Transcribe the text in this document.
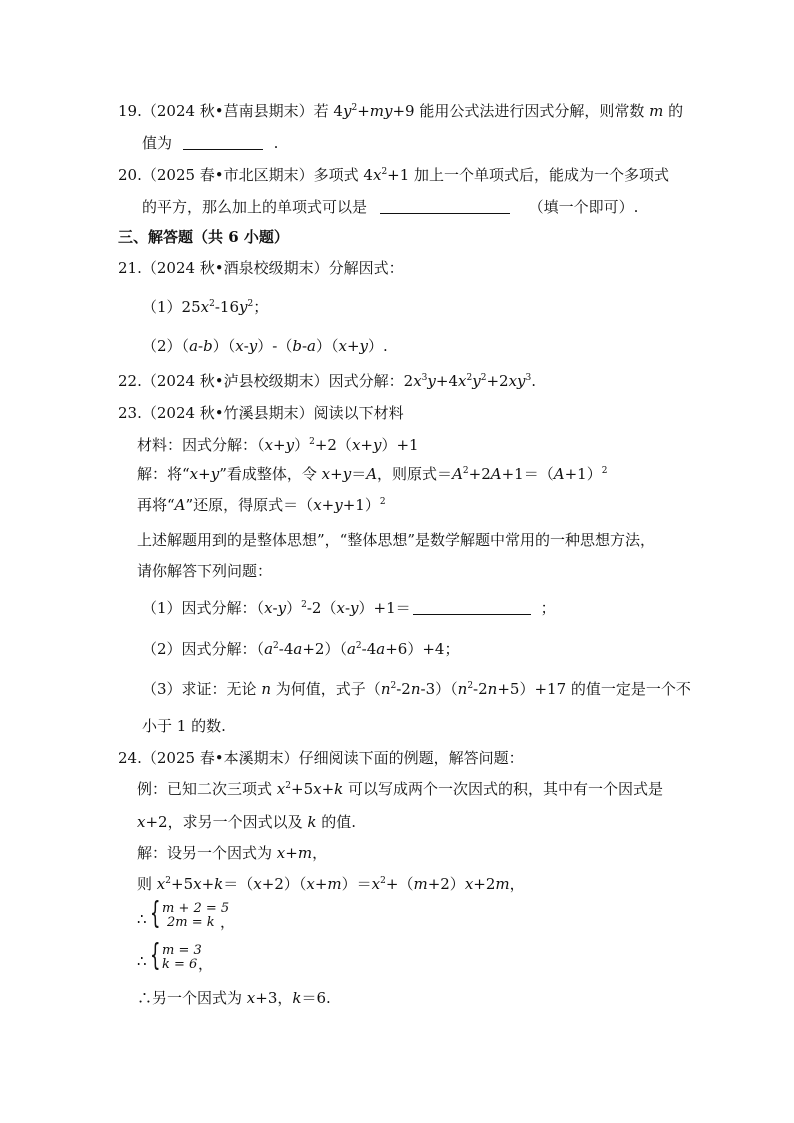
19.（2024 秋•莒南县期末）若 $4y^2+my+9$ 能用公式法进行因式分解，则常数 m 的
值为	.
20.（2025 春•市北区期末）多项式 $4x^2+1$ 加上一个单项式后，能成为一个多项式
的平方，那么加上的单项式可以是	（填一个即可）.
三、解答题（共 6 小题）
21.（2024 秋•酒泉校级期末）分解因式：
$(1)25x^2-16y^2$；
（2）（a-b）（x-y）-（b-a）（x+y）.
22.（2024 秋•泸县校级期末）因式分解：$2x^3y+4x^2y^2+2xy^3$.
23.（2024 秋•竹溪县期末）阅读以下材料
材料：因式分解：$(x+y)^2+2(x+y)+1$
解：将“x+y”看成整体，令 x+y＝A，则原式$=A^2+2A+1=(A+1)^2$
再将“A”还原，得原式$=(x+y+1)^2$
上述解题用到的是整体思想”，“整体思想”是数学解题中常用的一种思想方法，
请你解答下列问题：
（1）因式分解：$(x-y)^2-2(x-y)+1=$	；
（2）因式分解：$(a^2-4a+2)(a^2-4a+6)+4$；
（3）求证：无论 n 为何值，式子$(n^2-2n-3)(n^2-2n+5)+17$ 的值一定是一个不
小于 1 的数.
24.（2025 春•本溪期末）仔细阅读下面的例题，解答问题：
例：已知二次三项式 $x^2+5x+k$ 可以写成两个一次因式的积，其中有一个因式是
x+2，求另一个因式以及 k 的值.
解：设另一个因式为 x+m，
则 $x^2+5x+k=(x+2)(x+m)=x^2+(m+2)x+2m$，
∴ { m + 2 = 5
2m = k ，
∴ { m = 3
k = 6 ，
∴另一个因式为 x+3，k＝6.
